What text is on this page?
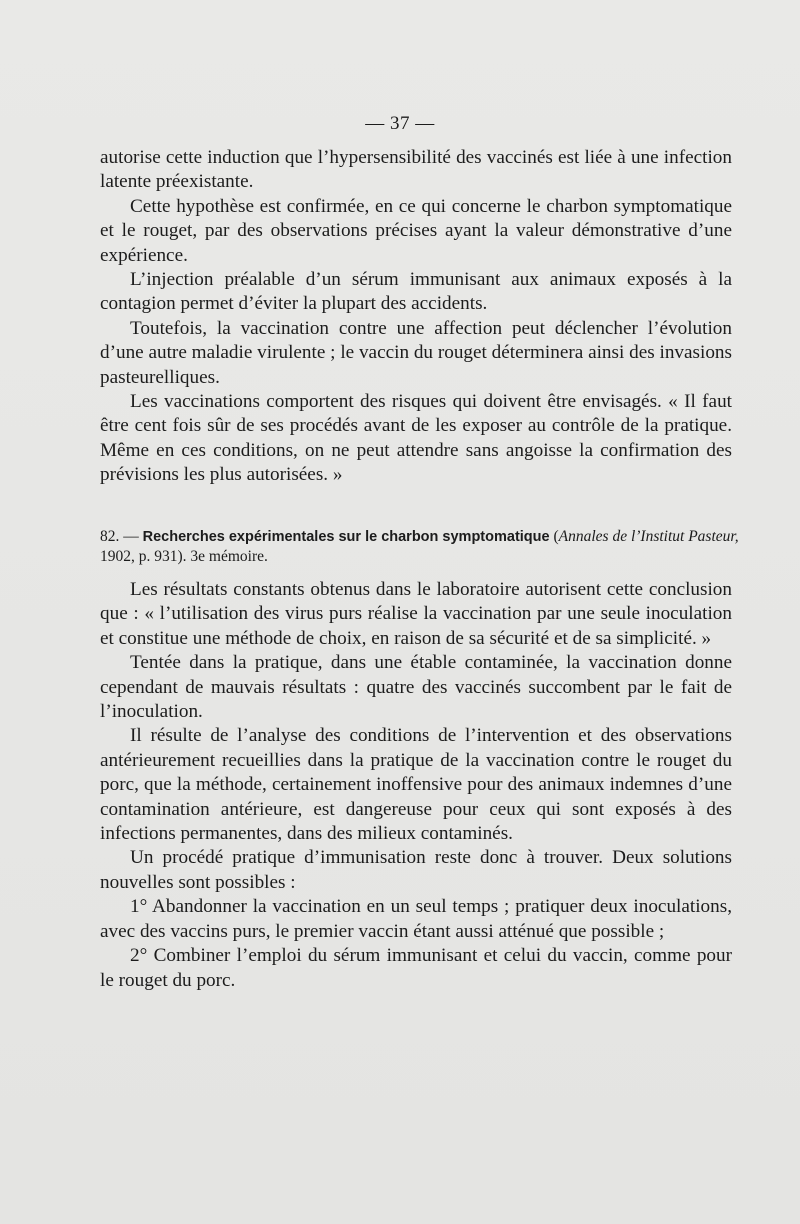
— 37 —

autorise cette induction que l’hypersensibilité des vaccinés est liée à une infection latente préexistante.

Cette hypothèse est confirmée, en ce qui concerne le charbon symptomatique et le rouget, par des observations précises ayant la valeur démonstrative d’une expérience.

L’injection préalable d’un sérum immunisant aux animaux exposés à la contagion permet d’éviter la plupart des accidents.

Toutefois, la vaccination contre une affection peut déclencher l’évolution d’une autre maladie virulente ; le vaccin du rouget déterminera ainsi des invasions pasteurelliques.

Les vaccinations comportent des risques qui doivent être envisagés. « Il faut être cent fois sûr de ses procédés avant de les exposer au contrôle de la pratique. Même en ces conditions, on ne peut attendre sans angoisse la confirmation des prévisions les plus autorisées. »

82. — Recherches expérimentales sur le charbon symptomatique (Annales de l’Institut Pasteur, 1902, p. 931). 3e mémoire.

Les résultats constants obtenus dans le laboratoire autorisent cette conclusion que : « l’utilisation des virus purs réalise la vaccination par une seule inoculation et constitue une méthode de choix, en raison de sa sécurité et de sa simplicité. »

Tentée dans la pratique, dans une étable contaminée, la vaccination donne cependant de mauvais résultats : quatre des vaccinés succombent par le fait de l’inoculation.

Il résulte de l’analyse des conditions de l’intervention et des observations antérieurement recueillies dans la pratique de la vaccination contre le rouget du porc, que la méthode, certainement inoffensive pour des animaux indemnes d’une contamination antérieure, est dangereuse pour ceux qui sont exposés à des infections permanentes, dans des milieux contaminés.

Un procédé pratique d’immunisation reste donc à trouver. Deux solutions nouvelles sont possibles :

1° Abandonner la vaccination en un seul temps ; pratiquer deux inoculations, avec des vaccins purs, le premier vaccin étant aussi atténué que possible ;

2° Combiner l’emploi du sérum immunisant et celui du vaccin, comme pour le rouget du porc.
